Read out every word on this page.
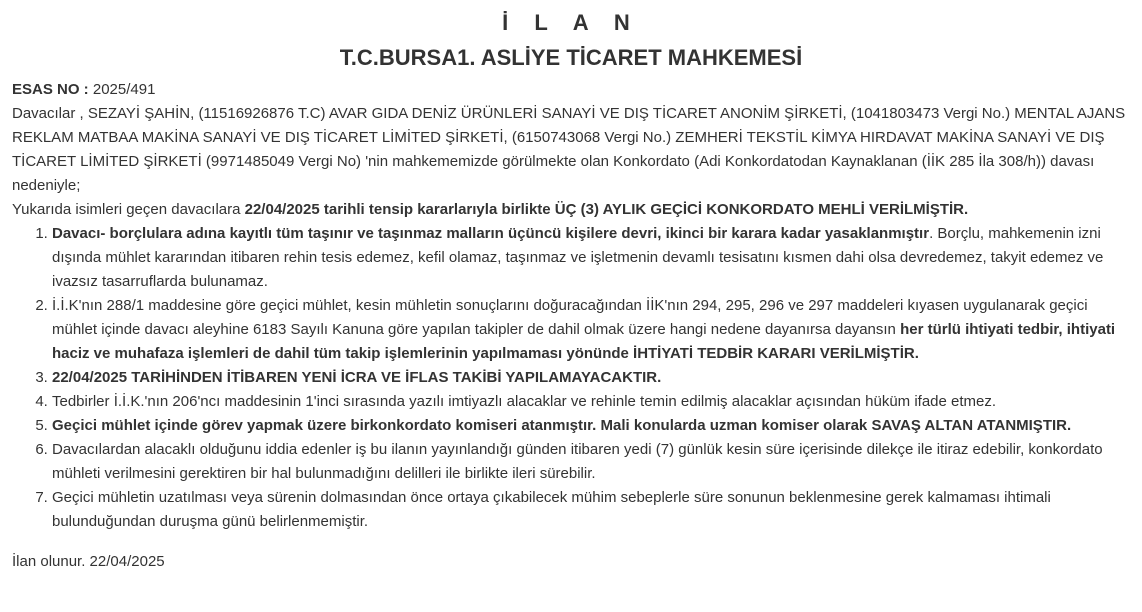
İ L A N
T.C.BURSA1. ASLİYE TİCARET MAHKEMESİ

ESAS NO : 2025/491

Davacılar , SEZAYİ ŞAHİN, (11516926876 T.C) AVAR GIDA DENİZ ÜRÜNLERİ SANAYİ VE DIŞ TİCARET ANONİM ŞİRKETİ, (1041803473 Vergi No.) MENTAL AJANS REKLAM MATBAA MAKİNA SANAYİ VE DIŞ TİCARET LİMİTED ŞİRKETİ, (6150743068 Vergi No.) ZEMHERİ TEKSTİL KİMYA HIRDAVAT MAKİNA SANAYİ VE DIŞ TİCARET LİMİTED ŞİRKETİ (9971485049 Vergi No) 'nin mahkememizde görülmekte olan Konkordato (Adi Konkordatodan Kaynaklanan (İİK 285 İla 308/h)) davası nedeniyle;

Yukarıda isimleri geçen davacılara 22/04/2025 tarihli tensip kararlarıyla birlikte ÜÇ (3) AYLIK GEÇİCİ KONKORDATO MEHLİ VERİLMİŞTİR.

1. Davacı- borçlulara adına kayıtlı tüm taşınır ve taşınmaz malların üçüncü kişilere devri, ikinci bir karara kadar yasaklanmıştır. Borçlu, mahkemenin izni dışında mühlet kararından itibaren rehin tesis edemez, kefil olamaz, taşınmaz ve işletmenin devamlı tesisatını kısmen dahi olsa devredemez, takyit edemez ve ivazsız tasarruflarda bulunamaz.
2. İ.İ.K'nın 288/1 maddesine göre geçici mühlet, kesin mühletin sonuçlarını doğuracağından İİK'nın 294, 295, 296 ve 297 maddeleri kıyasen uygulanarak geçici mühlet içinde davacı aleyhine 6183 Sayılı Kanuna göre yapılan takipler de dahil olmak üzere hangi nedene dayanırsa dayansın her türlü ihtiyati tedbir, ihtiyati haciz ve muhafaza işlemleri de dahil tüm takip işlemlerinin yapılmaması yönünde İHTİYATİ TEDBİR KARARI VERİLMİŞTİR.
3. 22/04/2025 TARİHİNDEN İTİBAREN YENİ İCRA VE İFLAS TAKİBİ YAPILAMAYACAKTIR.
4. Tedbirler İ.İ.K.'nın 206'ncı maddesinin 1'inci sırasında yazılı imtiyazlı alacaklar ve rehinle temin edilmiş alacaklar açısından hüküm ifade etmez.
5. Geçici mühlet içinde görev yapmak üzere birkonkordato komiseri atanmıştır. Mali konularda uzman komiser olarak SAVAŞ ALTAN ATANMIŞTIR.
6. Davacılardan alacaklı olduğunu iddia edenler iş bu ilanın yayınlandığı günden itibaren yedi (7) günlük kesin süre içerisinde dilekçe ile itiraz edebilir, konkordato mühleti verilmesini gerektiren bir hal bulunmadığını delilleri ile birlikte ileri sürebilir.
7. Geçici mühletin uzatılması veya sürenin dolmasından önce ortaya çıkabilecek mühim sebeplerle süre sonunun beklenmesine gerek kalmaması ihtimali bulunduğundan duruşma günü belirlenmemiştir.

İlan olunur. 22/04/2025
